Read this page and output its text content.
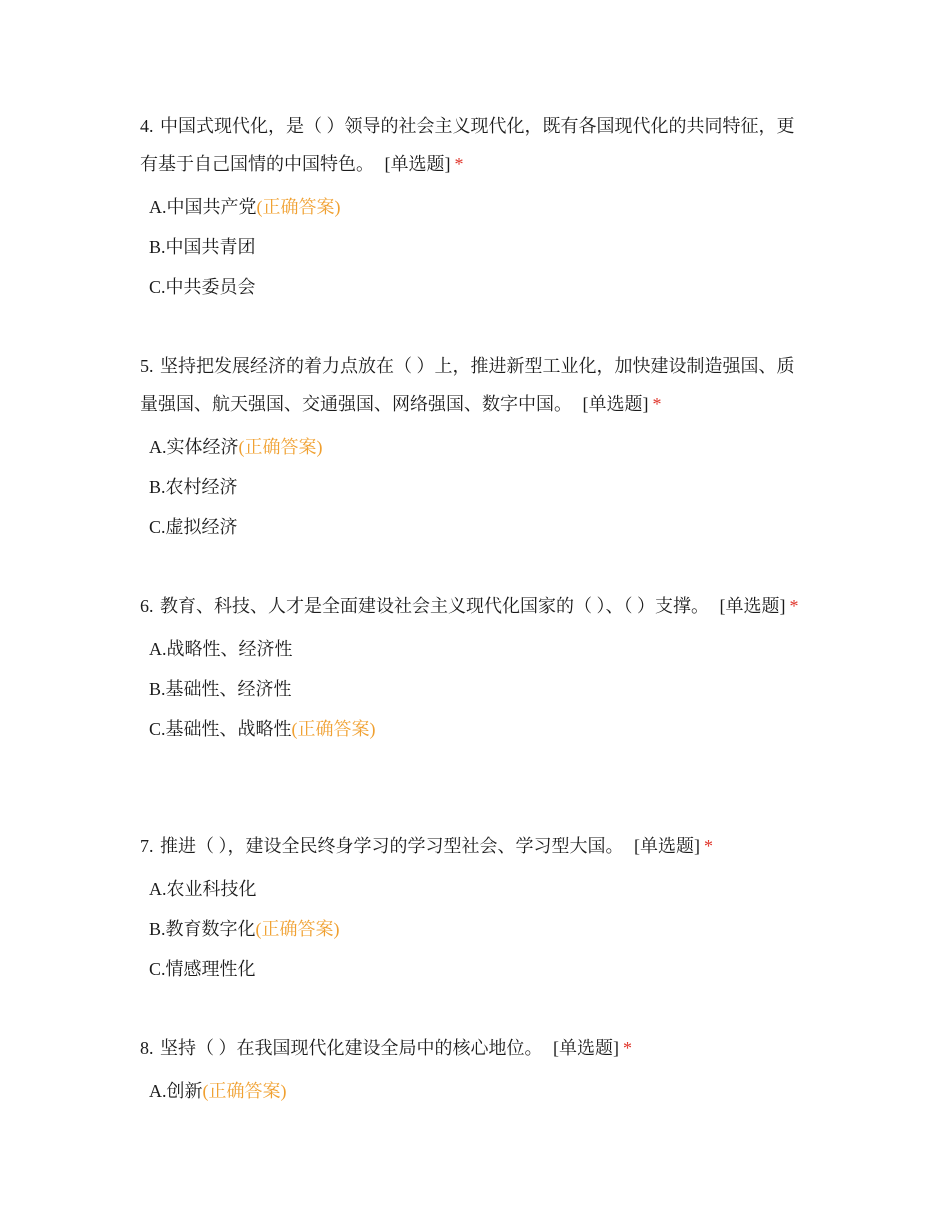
4. 中国式现代化，是（ ）领导的社会主义现代化，既有各国现代化的共同特征，更有基于自己国情的中国特色。 [单选题] *

A.中国共产党(正确答案)
B.中国共青团
C.中共委员会

5. 坚持把发展经济的着力点放在（ ）上，推进新型工业化，加快建设制造强国、质量强国、航天强国、交通强国、网络强国、数字中国。 [单选题] *

A.实体经济(正确答案)
B.农村经济
C.虚拟经济

6. 教育、科技、人才是全面建设社会主义现代化国家的（ ）、（ ）支撑。 [单选题] *

A.战略性、经济性
B.基础性、经济性
C.基础性、战略性(正确答案)

7. 推进（ ），建设全民终身学习的学习型社会、学习型大国。 [单选题] *

A.农业科技化
B.教育数字化(正确答案)
C.情感理性化

8. 坚持（ ）在我国现代化建设全局中的核心地位。 [单选题] *

A.创新(正确答案)
